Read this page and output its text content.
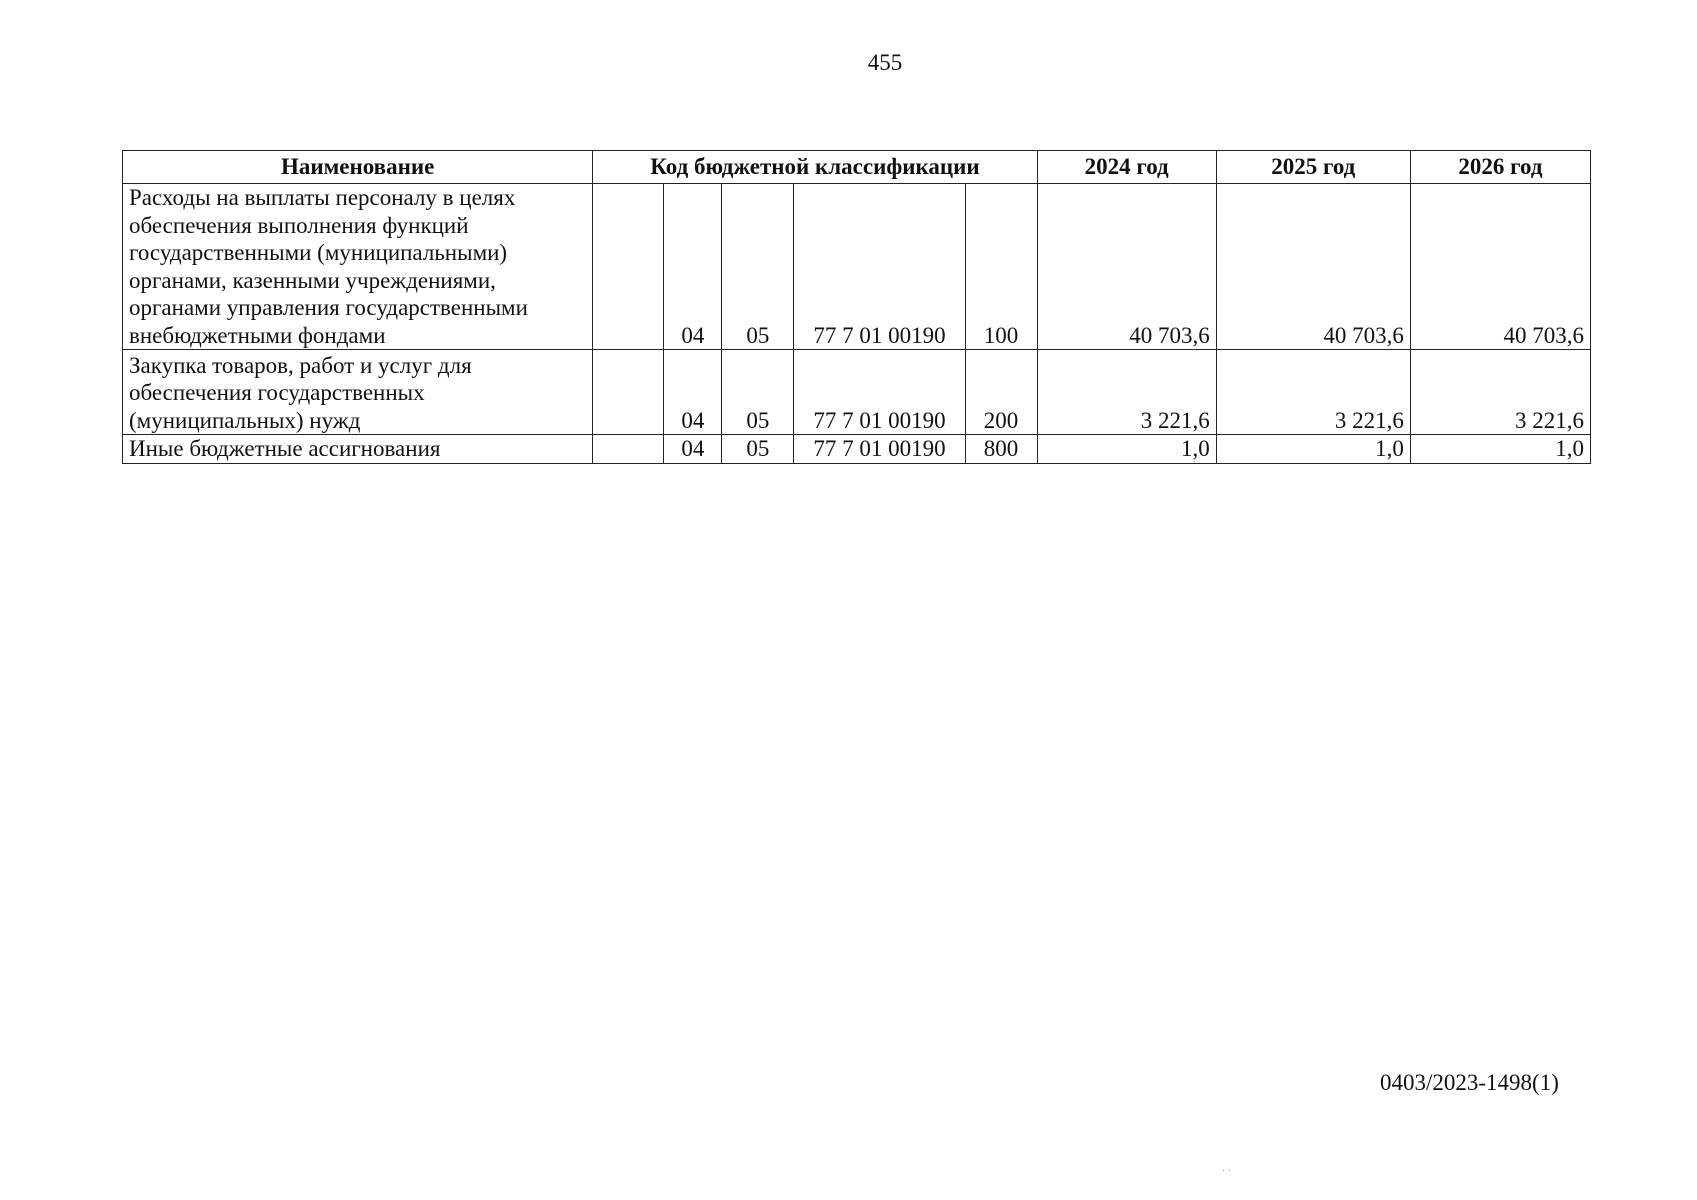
455
Наименование	Код бюджетной классификации					2024 год	2025 год	2026 год
Расходы на выплаты персоналу в целях обеспечения выполнения функций государственными (муниципальными) органами, казенными учреждениями, органами управления государственными внебюджетными фондами		04	05	77 7 01 00190	100	40 703,6	40 703,6	40 703,6
Закупка товаров, работ и услуг для обеспечения государственных (муниципальных) нужд		04	05	77 7 01 00190	200	3 221,6	3 221,6	3 221,6
Иные бюджетные ассигнования		04	05	77 7 01 00190	800	1,0	1,0	1,0
0403/2023-1498(1)
· ·
